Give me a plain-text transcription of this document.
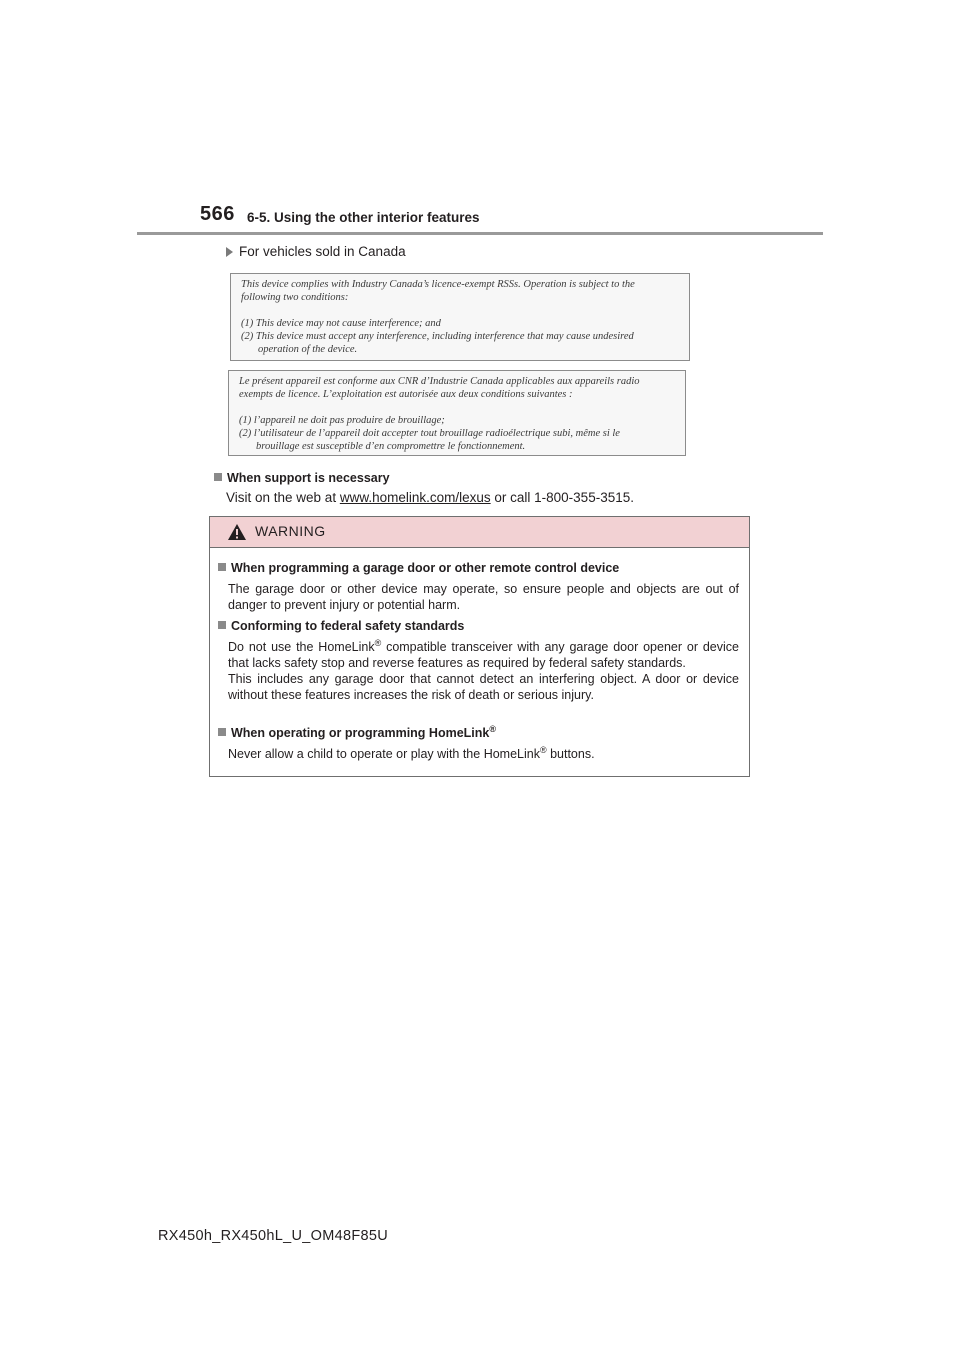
566 6-5. Using the other interior features
For vehicles sold in Canada

This device complies with Industry Canada’s licence-exempt RSSs. Operation is subject to the

following two conditions:

(1) This device may not cause interference; and

(2) This device must accept any interference, including interference that may cause undesired

operation of the device.

Le présent appareil est conforme aux CNR d’Industrie Canada applicables aux appareils radio

exempts de licence. L’exploitation est autorisée aux deux conditions suivantes :

(1) l’appareil ne doit pas produire de brouillage;

(2) l’utilisateur de l’appareil doit accepter tout brouillage radioélectrique subi, même si le

brouillage est susceptible d’en compromettre le fonctionnement.

When support is necessary
Visit on the web at www.homelink.com/lexus or call 1-800-355-3515.
WARNING
When programming a garage door or other remote control device
The garage door or other device may operate, so ensure people and objects are out of danger to prevent injury or potential harm.
Conforming to federal safety standards
Do not use the HomeLink® compatible transceiver with any garage door opener or device that lacks safety stop and reverse features as required by federal safety standards.
This includes any garage door that cannot detect an interfering object. A door or device without these features increases the risk of death or serious injury.
When operating or programming HomeLink®
Never allow a child to operate or play with the HomeLink® buttons.
RX450h_RX450hL_U_OM48F85U
